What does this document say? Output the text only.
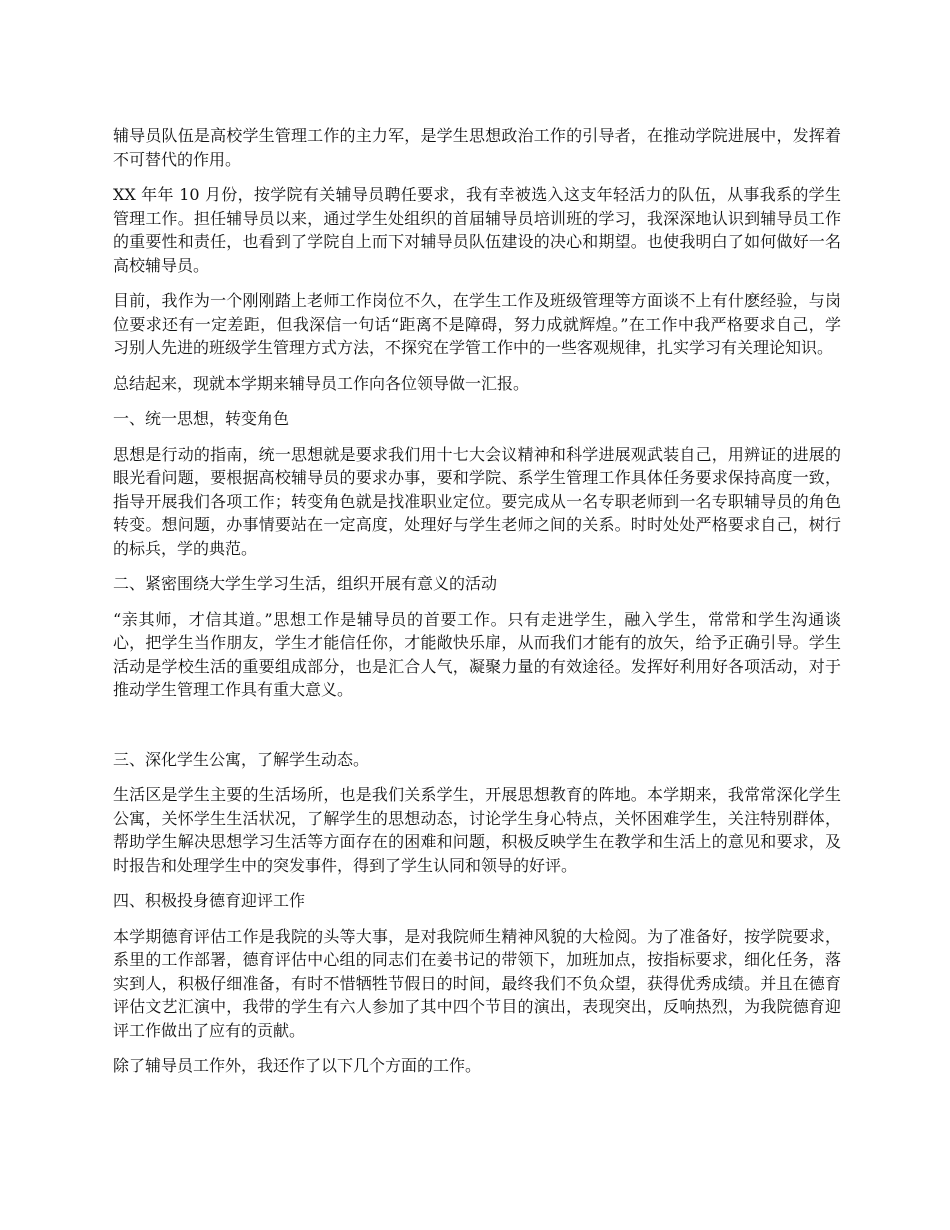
辅导员队伍是高校学生管理工作的主力军，是学生思想政治工作的引导者，在推动学院进展中，发挥着不可替代的作用。

XX 年年 10 月份，按学院有关辅导员聘任要求，我有幸被选入这支年轻活力的队伍，从事我系的学生管理工作。担任辅导员以来，通过学生处组织的首届辅导员培训班的学习，我深深地认识到辅导员工作的重要性和责任，也看到了学院自上而下对辅导员队伍建设的决心和期望。也使我明白了如何做好一名高校辅导员。

目前，我作为一个刚刚踏上老师工作岗位不久，在学生工作及班级管理等方面谈不上有什麽经验，与岗位要求还有一定差距，但我深信一句话“距离不是障碍，努力成就辉煌。”在工作中我严格要求自己，学习别人先进的班级学生管理方式方法，不探究在学管工作中的一些客观规律，扎实学习有关理论知识。

总结起来，现就本学期来辅导员工作向各位领导做一汇报。

一、统一思想，转变角色

思想是行动的指南，统一思想就是要求我们用十七大会议精神和科学进展观武装自己，用辨证的进展的眼光看问题，要根据高校辅导员的要求办事，要和学院、系学生管理工作具体任务要求保持高度一致，指导开展我们各项工作；转变角色就是找准职业定位。要完成从一名专职老师到一名专职辅导员的角色转变。想问题，办事情要站在一定高度，处理好与学生老师之间的关系。时时处处严格要求自己，树行的标兵，学的典范。

二、紧密围绕大学生学习生活，组织开展有意义的活动

“亲其师，才信其道。”思想工作是辅导员的首要工作。只有走进学生，融入学生，常常和学生沟通谈心，把学生当作朋友，学生才能信任你，才能敞快乐扉，从而我们才能有的放矢，给予正确引导。学生活动是学校生活的重要组成部分，也是汇合人气，凝聚力量的有效途径。发挥好利用好各项活动，对于推动学生管理工作具有重大意义。

三、深化学生公寓，了解学生动态。

生活区是学生主要的生活场所，也是我们关系学生，开展思想教育的阵地。本学期来，我常常深化学生公寓，关怀学生生活状况，了解学生的思想动态，讨论学生身心特点，关怀困难学生，关注特别群体，帮助学生解决思想学习生活等方面存在的困难和问题，积极反映学生在教学和生活上的意见和要求，及时报告和处理学生中的突发事件，得到了学生认同和领导的好评。

四、积极投身德育迎评工作

本学期德育评估工作是我院的头等大事，是对我院师生精神风貌的大检阅。为了准备好，按学院要求，系里的工作部署，德育评估中心组的同志们在姜书记的带领下，加班加点，按指标要求，细化任务，落实到人，积极仔细准备，有时不惜牺牲节假日的时间，最终我们不负众望，获得优秀成绩。并且在德育评估文艺汇演中，我带的学生有六人参加了其中四个节目的演出，表现突出，反响热烈，为我院德育迎评工作做出了应有的贡献。

除了辅导员工作外，我还作了以下几个方面的工作。
